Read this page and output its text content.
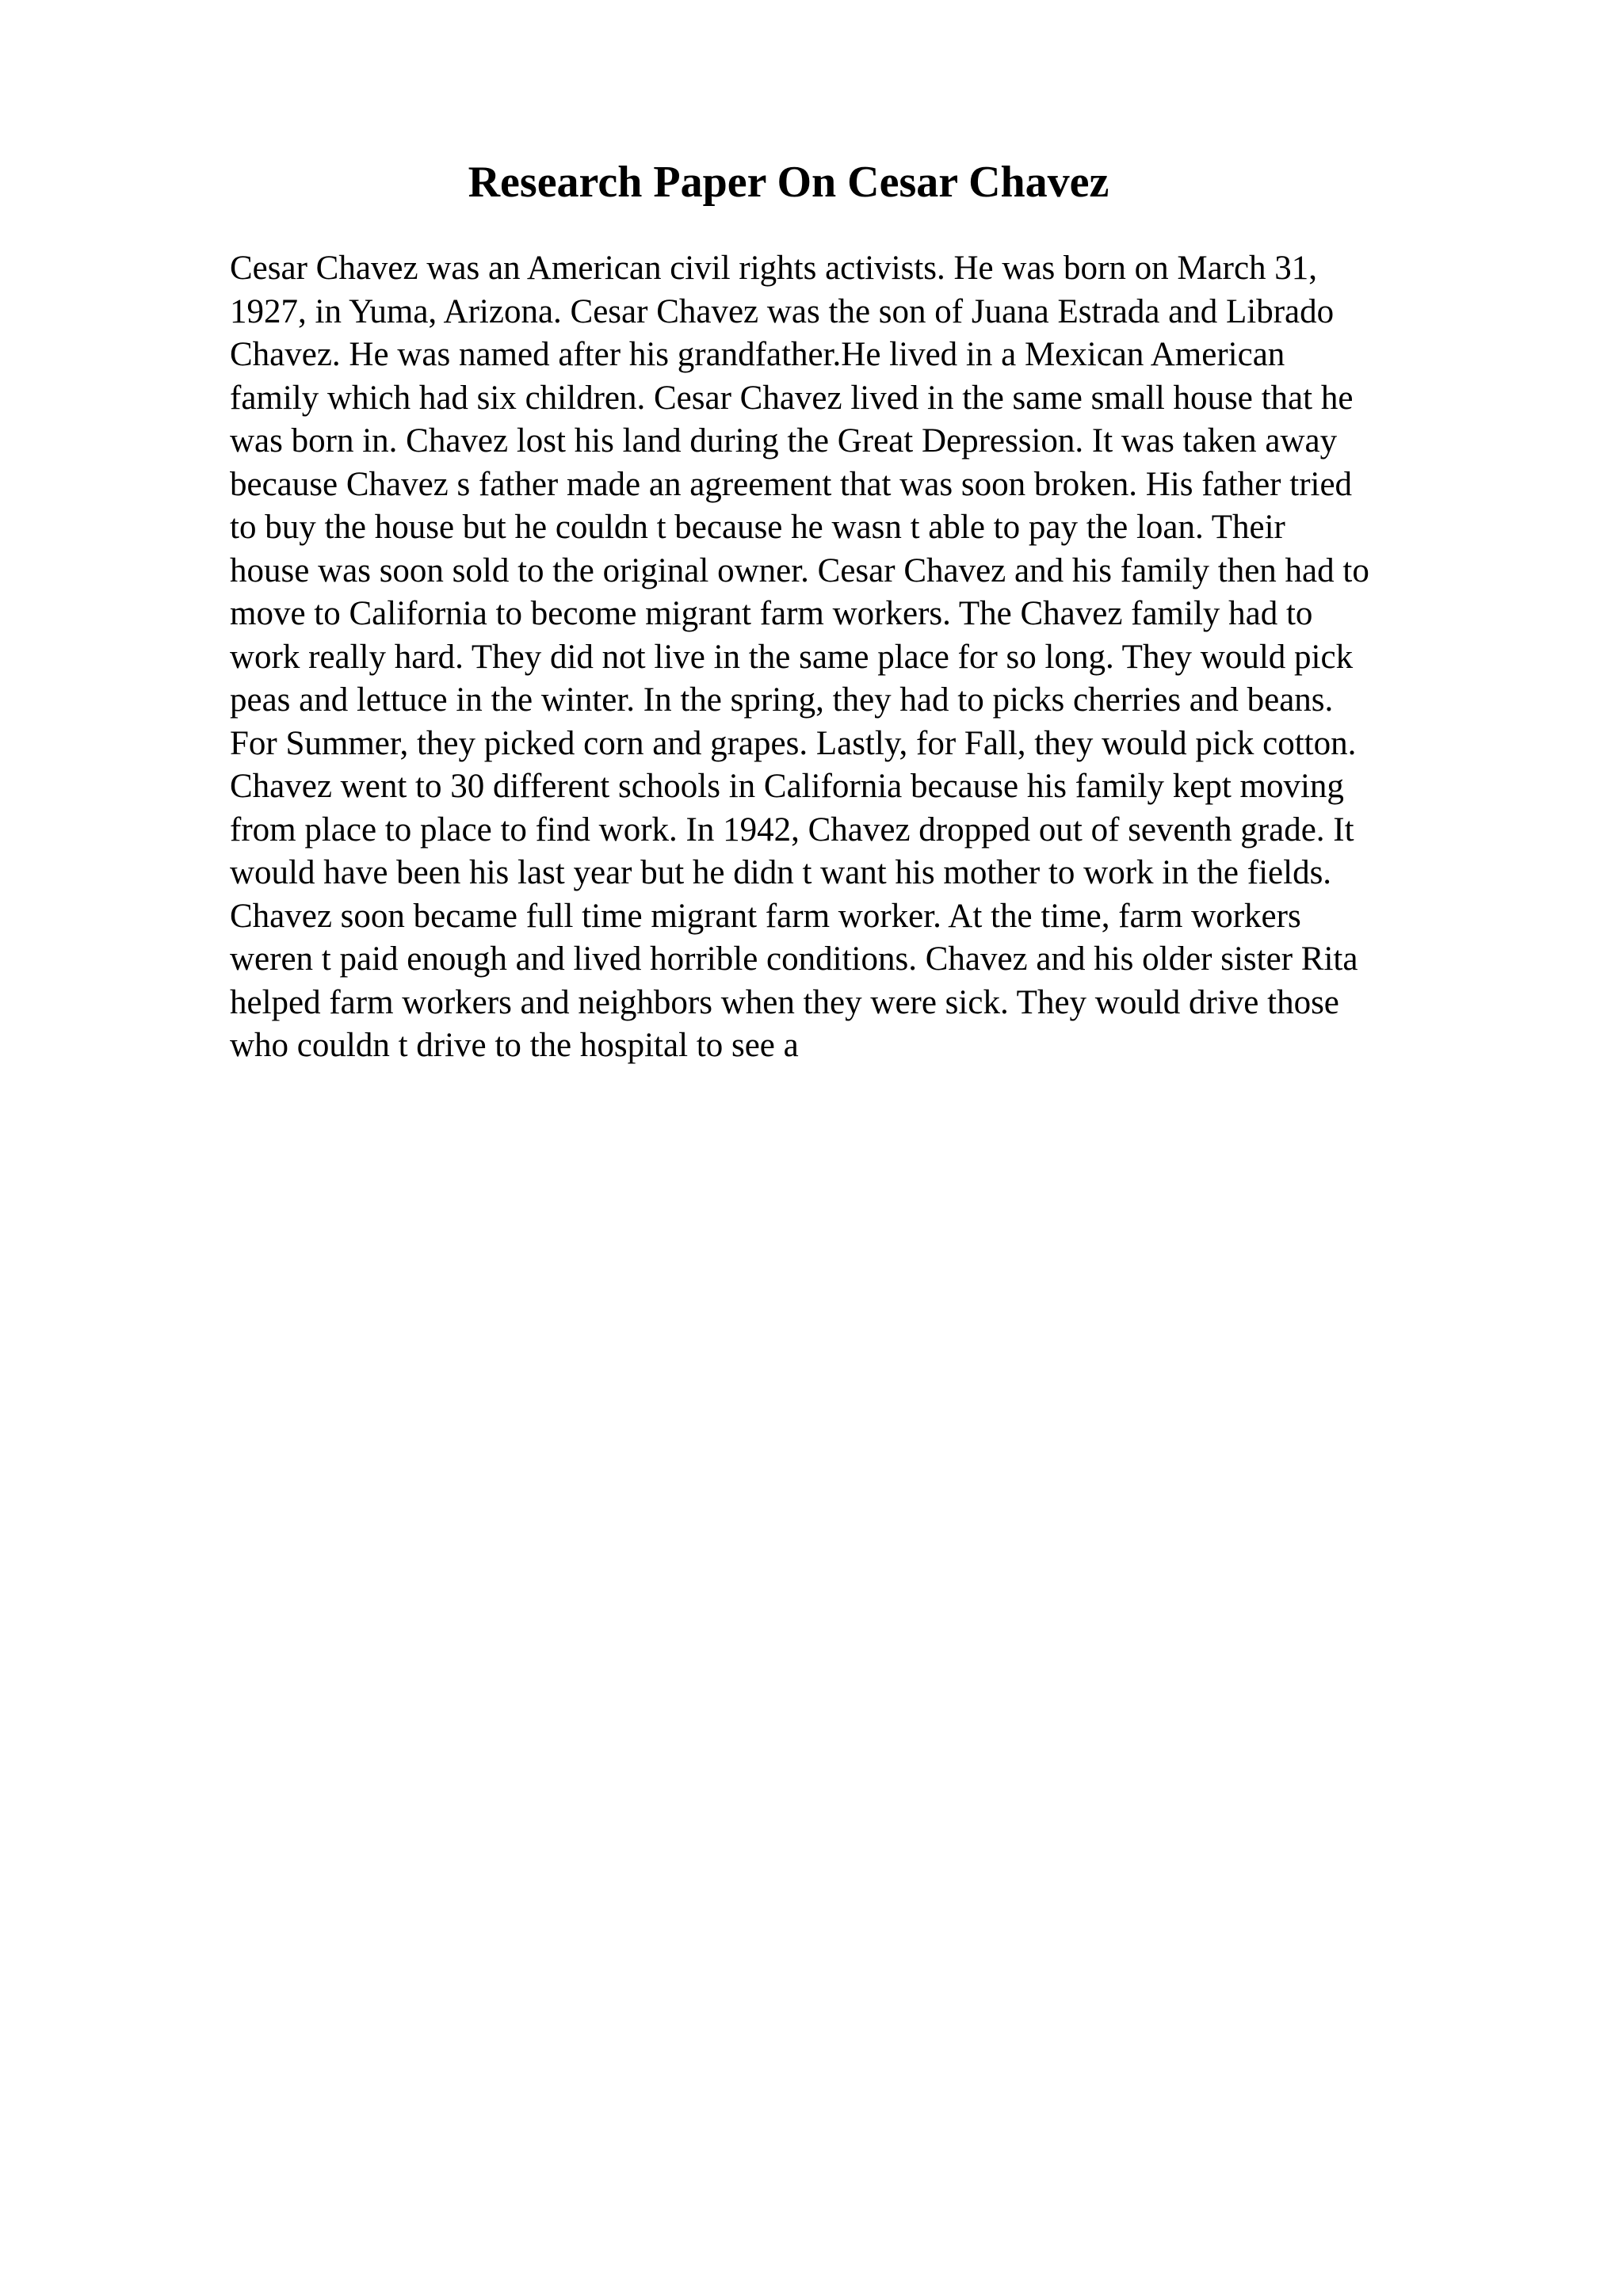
Research Paper On Cesar Chavez
Cesar Chavez was an American civil rights activists. He was born on March 31,
1927, in Yuma, Arizona. Cesar Chavez was the son of Juana Estrada and Librado
Chavez. He was named after his grandfather.He lived in a Mexican American
family which had six children. Cesar Chavez lived in the same small house that he
was born in. Chavez lost his land during the Great Depression. It was taken away
because Chavez s father made an agreement that was soon broken. His father tried
to buy the house but he couldn t because he wasn t able to pay the loan. Their
house was soon sold to the original owner. Cesar Chavez and his family then had to
move to California to become migrant farm workers. The Chavez family had to
work really hard. They did not live in the same place for so long. They would pick
peas and lettuce in the winter. In the spring, they had to picks cherries and beans.
For Summer, they picked corn and grapes. Lastly, for Fall, they would pick cotton.
Chavez went to 30 different schools in California because his family kept moving
from place to place to find work. In 1942, Chavez dropped out of seventh grade. It
would have been his last year but he didn t want his mother to work in the fields.
Chavez soon became full time migrant farm worker. At the time, farm workers
weren t paid enough and lived horrible conditions. Chavez and his older sister Rita
helped farm workers and neighbors when they were sick. They would drive those
who couldn t drive to the hospital to see a
